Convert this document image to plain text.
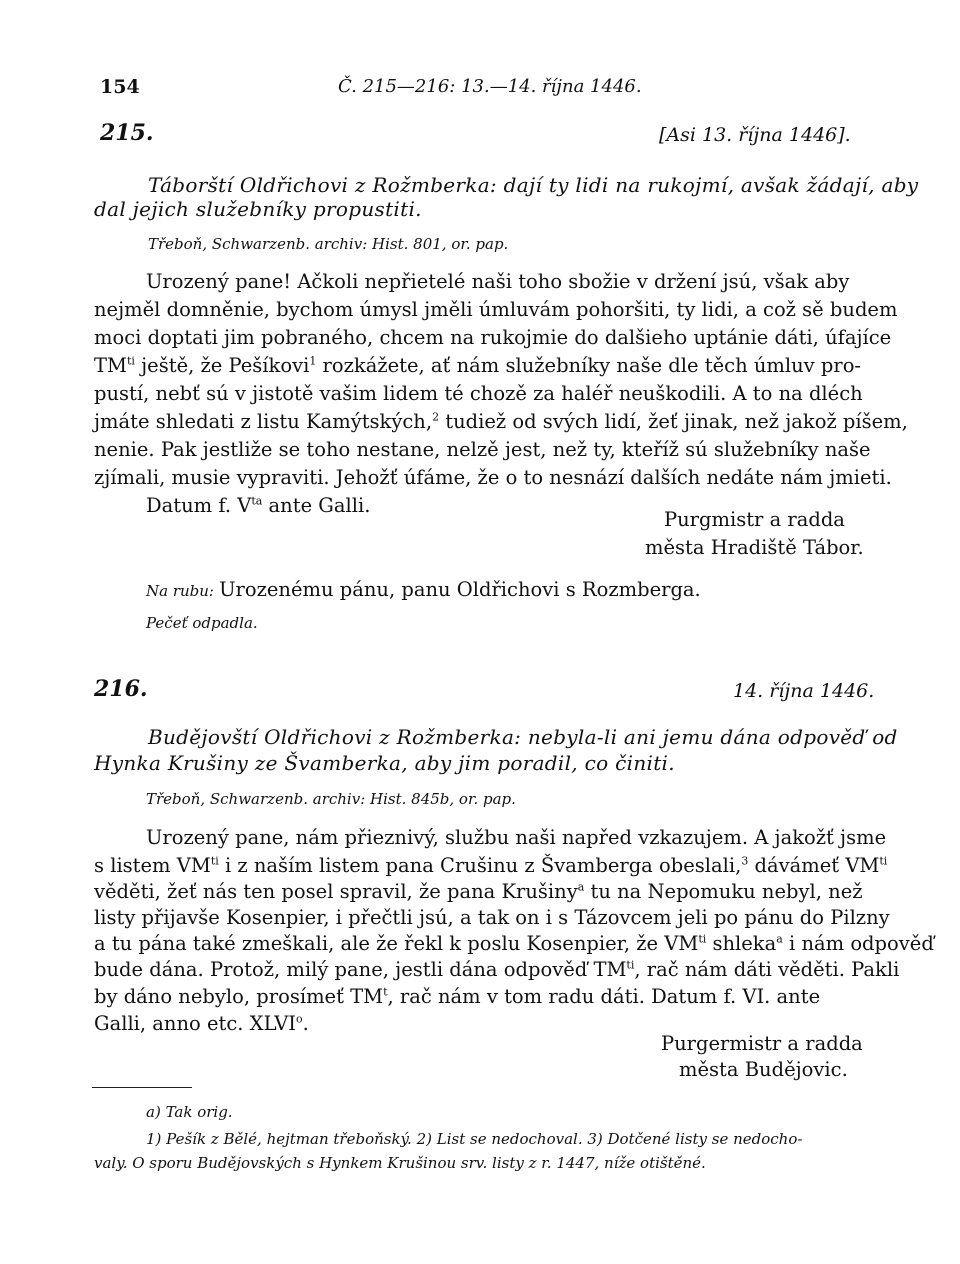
154	Č. 215—216: 13.—14. října 1446.
215.	[Asi 13. října 1446].
Táborští Oldřichovi z Rožmberka: dají ty lidi na rukojmí, avšak žádají, aby
dal jejich služebníky propustiti.
Třeboň, Schwarzenb. archiv: Hist. 801, or. pap.
Urozený pane! Ačkoli nepřietelé naši toho sbožie v držení jsú, však aby
nejměl domněnie, bychom úmysl jměli úmluvám pohoršiti, ty lidi, a což sě budem
moci doptati jim pobraného, chcem na rukojmie do dalšieho uptánie dáti, úfajíce
$TM^{ti}$ ještě, že Pešíkovi$^1$ rozkážete, ať nám služebníky naše dle těch úmluv pro-
pustí, nebť sú v jistotě vašim lidem té chozě za haléř neuškodili. A to na dléch
jmáte shledati z listu Kamýtských,$^2$ tudiež od svých lidí, žeť jinak, než jakož píšem,
nenie. Pak jestliže se toho nestane, nelzě jest, než ty, kteříž sú služebníky naše
zjímali, musie vypraviti. Jehožť úfáme, že o to nesnází dalších nedáte nám jmieti.
Datum f. $V^{ta}$ ante Galli.
Purgmistr a radda
města Hradiště Tábor.
Na rubu: Urozenému pánu, panu Oldřichovi s Rozmberga.
Pečeť odpadla.
216.	14. října 1446.
Budějovští Oldřichovi z Rožmberka: nebyla-li ani jemu dána odpověď od
Hynka Krušiny ze Švamberka, aby jim poradil, co činiti.
Třeboň, Schwarzenb. archiv: Hist. 845b, or. pap.
Urozený pane, nám přieznivý, službu naši napřed vzkazujem. A jakožť jsme
s listem $VM^{ti}$ i z naším listem pana Crušinu z Švamberga obeslali,$^3$ dávámeť $VM^{ti}$
věděti, žeť nás ten posel spravil, že pana Krušiny$^a$ tu na Nepomuku nebyl, než
listy přijavše Kosenpier, i přečtli jsú, a tak on i s Tázovcem jeli po pánu do Pilzny
a tu pána také zmeškali, ale že řekl k poslu Kosenpier, že $VM^{ti}$ shleka$^a$ i nám odpověď
bude dána. Protož, milý pane, jestli dána odpověď $TM^{ti}$, rač nám dáti věděti. Pakli
by dáno nebylo, prosímeť $TM^t$, rač nám v tom radu dáti. Datum f. VI. ante
Galli, anno etc. XLVI$^o$.
Purgermistr a radda
města Budějovic.
a) Tak orig.
1) Pešík z Bělé, hejtman třeboňský. 2) List se nedochoval. 3) Dotčené listy se nedocho-
valy. O sporu Budějovských s Hynkem Krušinou srv. listy z r. 1447, níže otištěné.
